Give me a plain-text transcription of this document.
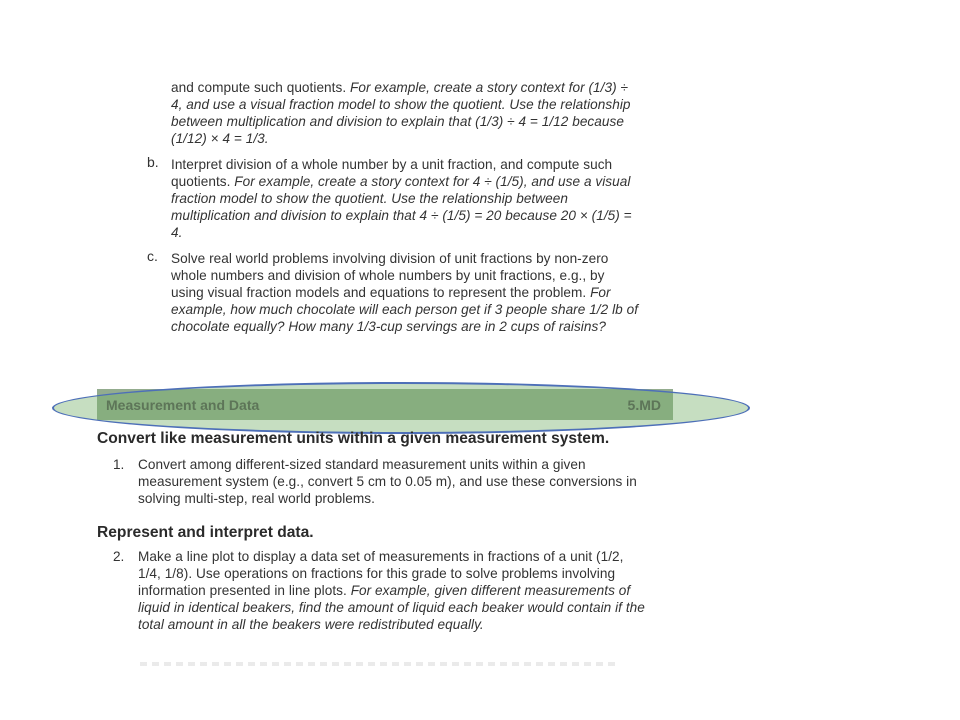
and compute such quotients. For example, create a story context for (1/3) ÷ 4, and use a visual fraction model to show the quotient. Use the relationship between multiplication and division to explain that (1/3) ÷ 4 = 1/12 because (1/12) × 4 = 1/3.

b. Interpret division of a whole number by a unit fraction, and compute such quotients. For example, create a story context for 4 ÷ (1/5), and use a visual fraction model to show the quotient. Use the relationship between multiplication and division to explain that 4 ÷ (1/5) = 20 because 20 × (1/5) = 4.

c. Solve real world problems involving division of unit fractions by non-zero whole numbers and division of whole numbers by unit fractions, e.g., by using visual fraction models and equations to represent the problem. For example, how much chocolate will each person get if 3 people share 1/2 lb of chocolate equally? How many 1/3-cup servings are in 2 cups of raisins?

Measurement and Data	5.MD
Convert like measurement units within a given measurement system.
1. Convert among different-sized standard measurement units within a given measurement system (e.g., convert 5 cm to 0.05 m), and use these conversions in solving multi-step, real world problems.

Represent and interpret data.
2. Make a line plot to display a data set of measurements in fractions of a unit (1/2, 1/4, 1/8). Use operations on fractions for this grade to solve problems involving information presented in line plots. For example, given different measurements of liquid in identical beakers, find the amount of liquid each beaker would contain if the total amount in all the beakers were redistributed equally.
